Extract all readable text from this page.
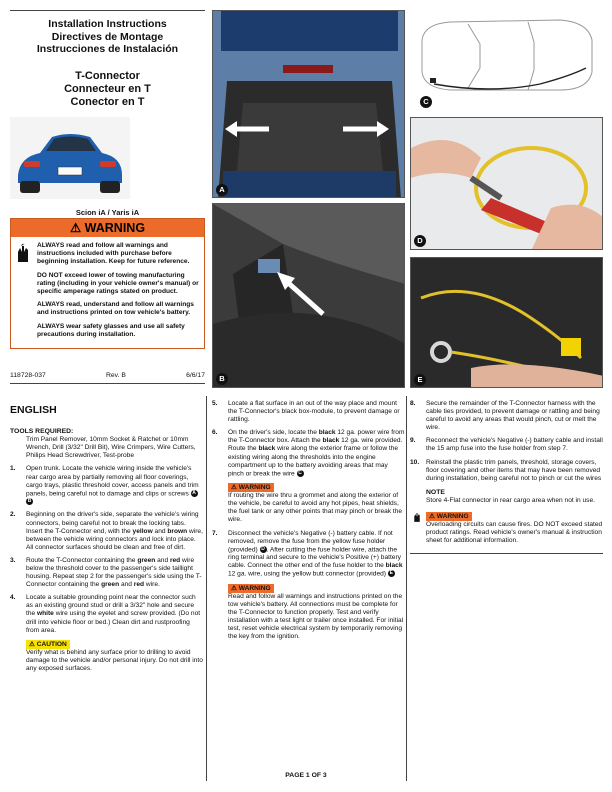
Installation Instructions
Directives de Montage
Instrucciones de Instalación
T-Connector
Connecteur en T
Conector en T
Scion iA / Yaris iA
⚠ WARNING

ALWAYS read and follow all warnings and instructions included with purchase before beginning installation. Keep for future reference.

DO NOT exceed lower of towing manufacturing rating (including in your vehicle owner's manual) or specific amperage ratings stated on product.

ALWAYS read, understand and follow all warnings and instructions printed on tow vehicle's battery.

ALWAYS wear safety glasses and use all safety precautions during installation.

118728-037	Rev. B	6/6/17
A
B
C
D
E
ENGLISH
TOOLS REQUIRED:
Trim Panel Remover, 10mm Socket & Ratchet or 10mm Wrench, Drill (3/32" Drill Bit), Wire Crimpers, Wire Cutters, Philips Head Screwdriver, Test-probe
1.	Open trunk. Locate the vehicle wiring inside the vehicle's rear cargo area by partially removing all floor coverings, cargo trays, plastic threshold cover, access panels and trim panels, being careful not to damage and clips or screws AB
2.	Beginning on the driver's side, separate the vehicle's wiring connectors, being careful not to break the locking tabs. Insert the T-Connector end, with the yellow and brown wire, between the vehicle wiring connectors and lock into place. All connector surfaces should be clean and free of dirt.
3.	Route the T-Connector containing the green and red wire below the threshold cover to the passenger's side taillight housing. Repeat step 2 for the passenger's side using the T-Connector containing the green and red wire.
4.	Locate a suitable grounding point near the connector such as an existing ground stud or drill a 3/32" hole and secure the white wire using the eyelet and screw provided. (Do not drill into vehicle floor or bed.) Clean dirt and rustproofing from area.
⚠ CAUTION
Verify what is behind any surface prior to drilling to avoid damage to the vehicle and/or personal injury. Do not drill into any exposed surfaces.
5.	Locate a flat surface in an out of the way place and mount the T-Connector's black box-module, to prevent damage or rattling.
6.	On the driver's side, locate the black 12 ga. power wire from the T-Connector box. Attach the black 12 ga. wire provided. Route the black wire along the exterior frame or follow the existing wiring along the thresholds into the engine compartment up to the battery avoiding areas that may pinch or break the wire C
⚠ WARNING
If routing the wire thru a grommet and along the exterior of the vehicle, be careful to avoid any hot pipes, heat shields, the fuel tank or any other points that may pinch or break the wire.
7.	Disconnect the vehicle's Negative (-) battery cable. If not removed, remove the fuse from the yellow fuse holder (provided) D . After cutting the fuse holder wire, attach the ring terminal and secure to the vehicle's Positive (+) battery cable. Connect the other end of the fuse holder to the black 12 ga. wire, using the yellow butt connector (provided) E
⚠ WARNING
Read and follow all warnings and instructions printed on the tow vehicle's battery. All connections must be complete for the T-Connector to function properly. Test and verify installation with a test light or trailer once installed. For initial test, reset vehicle electrical system by temporarily removing the key from the ignition.
8.	Secure the remainder of the T-Connector harness with the cable ties provided, to prevent damage or rattling and being careful to avoid any areas that would pinch, cut or melt the wire.
9.	Reconnect the vehicle's Negative (-) battery cable and install the 15 amp fuse into the fuse holder from step 7.
10.	Reinstall the plastic trim panels, threshold, storage covers, floor covering and other items that may have been removed during installation, being careful not to pinch or cut the wires
NOTE
Store 4-Flat connector in rear cargo area when not in use.
⚠ WARNING
Overloading circuits can cause fires. DO NOT exceed stated product ratings. Read vehicle's owner's manual & instruction sheet for additional information.
PAGE 1 OF 3
